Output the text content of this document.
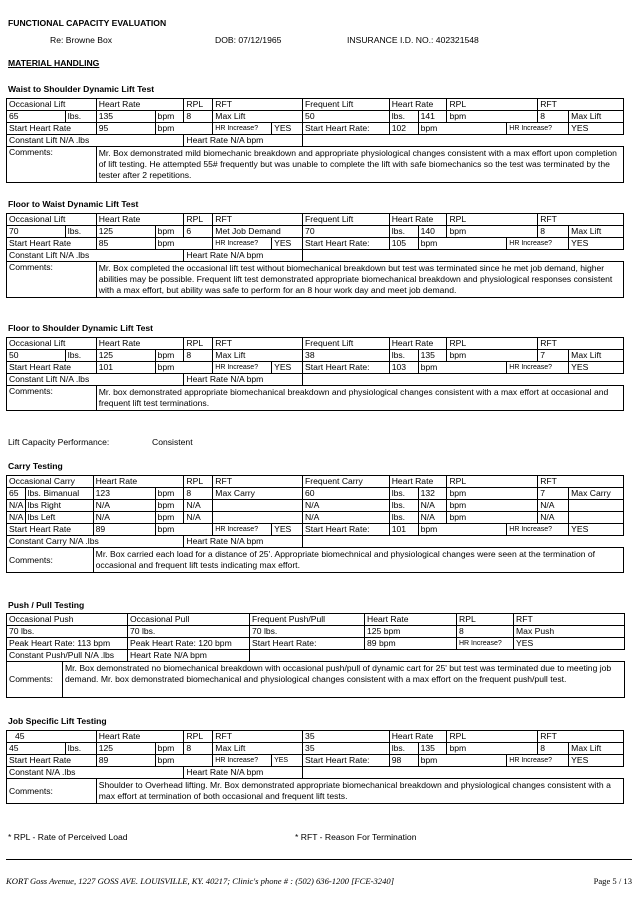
FUNCTIONAL CAPACITY EVALUATION
Re: Browne Box	DOB: 07/12/1965	INSURANCE I.D. NO.: 402321548
MATERIAL HANDLING
Waist to Shoulder Dynamic Lift Test
Occasional Lift		Heart Rate		RPL	RFT		Frequent Lift	Heart Rate		RPL		RFT	
65	lbs.	135	bpm	8	Max Lift		50	lbs.	141	bpm		8	Max Lift
Start Heart Rate		95	bpm		HR Increase?	YES	Start Heart Rate:	102	bpm		HR Increase?		YES
Constant Lift N/A .lbs				Heart Rate N/A bpm									
Comments:		Mr. Box demonstrated mild biomechanic breakdown and appropriate physiological changes consistent with a max effort upon completion of lift testing. He attempted 55# frequently but was unable to complete the lift with safe biomechanics so the test was terminated by the tester after 2 repetitions.											
Floor to Waist Dynamic Lift Test
Occasional Lift		Heart Rate		RPL	RFT		Frequent Lift	Heart Rate		RPL		RFT	
70	lbs.	125	bpm	6	Met Job Demand		70	lbs.	140	bpm		8	Max Lift
Start Heart Rate		85	bpm		HR Increase?	YES	Start Heart Rate:	105	bpm		HR Increase?		YES
Constant Lift N/A .lbs				Heart Rate N/A bpm									
Comments:		Mr. Box completed the occasional lift test without biomechanical breakdown but test was terminated since he met job demand, higher abilities may be possible. Frequent lift test demonstrated appropriate biomechanical breakdown and physiological responses consistent with a max effort, but ability was safe to perform for an 8 hour work day and meet job demand.											
Floor to Shoulder Dynamic Lift Test
Occasional Lift		Heart Rate		RPL	RFT		Frequent Lift	Heart Rate		RPL		RFT	
50	lbs.	125	bpm	8	Max Lift		38	lbs.	135	bpm		7	Max Lift
Start Heart Rate		101	bpm		HR Increase?	YES	Start Heart Rate:	103	bpm		HR Increase?		YES
Constant Lift N/A .lbs				Heart Rate N/A bpm									
Comments:		Mr. box demonstrated appropriate biomechanical breakdown and physiological changes consistent with a max effort at occasional and frequent lift test terminations.											
Lift Capacity Performance:	Consistent
Carry Testing
Occasional Carry		Heart Rate		RPL	RFT		Frequent Carry	Heart Rate		RPL		RFT	
65	lbs. Bimanual	123	bpm	8	Max Carry		60	lbs.	132	bpm		7	Max Carry
N/A	lbs Right	N/A	bpm	N/A			N/A	lbs.	N/A	bpm		N/A	
N/A	lbs Left	N/A	bpm	N/A			N/A	lbs.	N/A	bpm		N/A	
Start Heart Rate		89	bpm		HR Increase?	YES	Start Heart Rate:	101	bpm		HR Increase?		YES
Constant Carry N/A .lbs				Heart Rate N/A bpm									
Comments:		Mr. Box carried each load for a distance of 25'. Appropriate biomechnical and physiological changes were seen at the termination of occasional and frequent lift tests indicating max effort.											
Push / Pull Testing
Occasional Push		Occasional Pull	Frequent Push/Pull	Heart Rate	RPL	RFT
70 lbs.		70 lbs.	70 lbs.	125 bpm	8	Max Push
Peak Heart Rate: 113 bpm		Peak Heart Rate: 120 bpm	Start Heart Rate:	89 bpm	HR Increase?	YES
Constant Push/Pull N/A .lbs		Heart Rate N/A bpm				
Comments:	Mr. Box demonstrated no biomechanical breakdown with occasional push/pull of dynamic cart for 25' but test was terminated due to meeting job demand. Mr. box demonstrated biomechanical and physiological changes consistent with a max effort on the frequent push/pull test.					
Job Specific Lift Testing
45		Heart Rate		RPL	RFT		35	Heart Rate		RPL		RFT	
45	lbs.	125	bpm	8	Max Lift		35	lbs.	135	bpm		8	Max Lift
Start Heart Rate		89	bpm		HR Increase?	YES	Start Heart Rate:	98	bpm		HR Increase?		YES
Constant N/A .lbs				Heart Rate N/A bpm									
Comments:		Shoulder to Overhead lifting. Mr. Box demonstrated appropriate biomechanical breakdown and physiological changes consistent with a max effort at termination of both occasional and frequent lift tests.											
* RPL - Rate of Perceived Load	* RFT - Reason For Termination
KORT Goss Avenue, 1227 GOSS AVE. LOUISVILLE, KY. 40217; Clinic's phone # : (502) 636-1200 [FCE-3240]	Page 5 / 13
